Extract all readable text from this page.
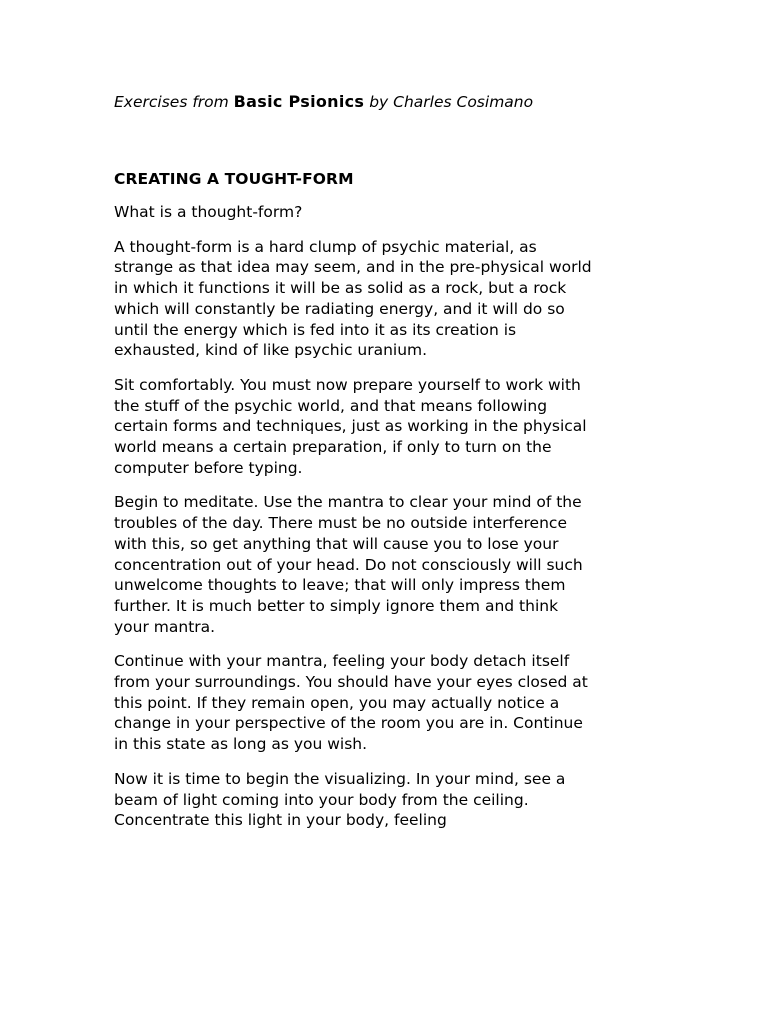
Exercises from Basic Psionics by Charles Cosimano
CREATING A TOUGHT-FORM
What is a thought-form?
A thought-form is a hard clump of psychic material, as
strange as that idea may seem, and in the pre-physical world
in which it functions it will be as solid as a rock, but a rock
which will constantly be radiating energy, and it will do so
until the energy which is fed into it as its creation is
exhausted, kind of like psychic uranium.
Sit comfortably. You must now prepare yourself to work with
the stuff of the psychic world, and that means following
certain forms and techniques, just as working in the physical
world means a certain preparation, if only to turn on the
computer before typing.
Begin to meditate. Use the mantra to clear your mind of the
troubles of the day. There must be no outside interference
with this, so get anything that will cause you to lose your
concentration out of your head. Do not consciously will such
unwelcome thoughts to leave; that will only impress them
further. It is much better to simply ignore them and think
your mantra.
Continue with your mantra, feeling your body detach itself
from your surroundings. You should have your eyes closed at
this point. If they remain open, you may actually notice a
change in your perspective of the room you are in. Continue
in this state as long as you wish.
Now it is time to begin the visualizing. In your mind, see a
beam of light coming into your body from the ceiling.
Concentrate this light in your body, feeling
